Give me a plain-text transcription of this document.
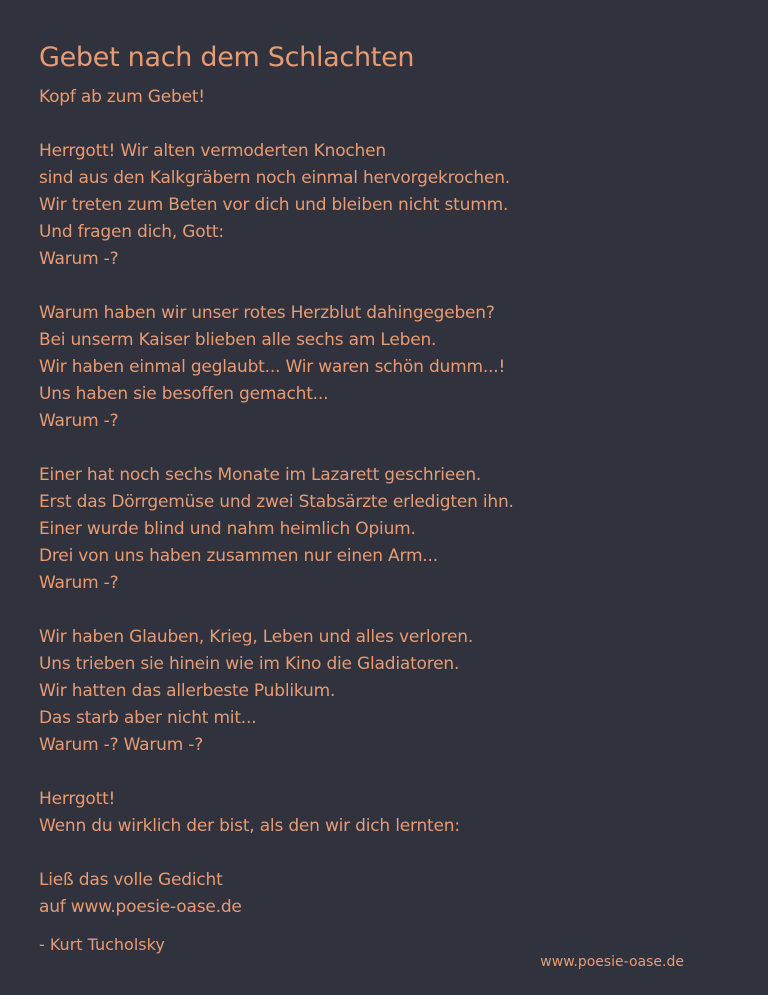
Gebet nach dem Schlachten
Kopf ab zum Gebet!
Herrgott! Wir alten vermoderten Knochen
sind aus den Kalkgräbern noch einmal hervorgekrochen.
Wir treten zum Beten vor dich und bleiben nicht stumm.
Und fragen dich, Gott:
Warum -?
Warum haben wir unser rotes Herzblut dahingegeben?
Bei unserm Kaiser blieben alle sechs am Leben.
Wir haben einmal geglaubt... Wir waren schön dumm...!
Uns haben sie besoffen gemacht...
Warum -?
Einer hat noch sechs Monate im Lazarett geschrieen.
Erst das Dörrgemüse und zwei Stabsärzte erledigten ihn.
Einer wurde blind und nahm heimlich Opium.
Drei von uns haben zusammen nur einen Arm...
Warum -?
Wir haben Glauben, Krieg, Leben und alles verloren.
Uns trieben sie hinein wie im Kino die Gladiatoren.
Wir hatten das allerbeste Publikum.
Das starb aber nicht mit...
Warum -? Warum -?
Herrgott!
Wenn du wirklich der bist, als den wir dich lernten:
Ließ das volle Gedicht
auf www.poesie-oase.de
- Kurt Tucholsky
www.poesie-oase.de
